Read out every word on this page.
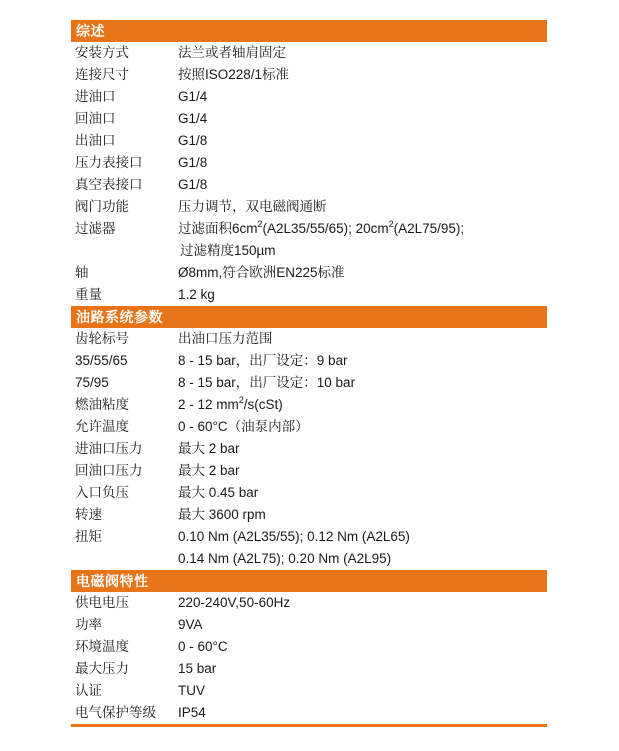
综述
安装方式	法兰或者轴肩固定
连接尺寸	按照ISO228/1标准
进油口	G1/4
回油口	G1/4
出油口	G1/8
压力表接口	G1/8
真空表接口	G1/8
阀门功能	压力调节，双电磁阀通断
过滤器	过滤面积$6cm^2(A2L35/55/65)$; $20cm^2(A2L75/95)$;
过滤精度150µm
轴	Ø8mm,符合欧洲EN225标准
重量	1.2 kg
油路系统参数
齿轮标号	出油口压力范围
35/55/65	8 - 15 bar，出厂设定：9 bar
75/95	8 - 15 bar，出厂设定：10 bar
燃油粘度	2 - 12 $mm^2/s(cSt)$
允许温度	0 - 60°C（油泵内部）
进油口压力	最大 2 bar
回油口压力	最大 2 bar
入口负压	最大 0.45 bar
转速	最大 3600 rpm
扭矩	0.10 Nm (A2L35/55); 0.12 Nm (A2L65)
0.14 Nm (A2L75); 0.20 Nm (A2L95)
电磁阀特性
供电电压	220-240V,50-60Hz
功率	9VA
环境温度	0 - 60°C
最大压力	15 bar
认证	TUV
电气保护等级	IP54
